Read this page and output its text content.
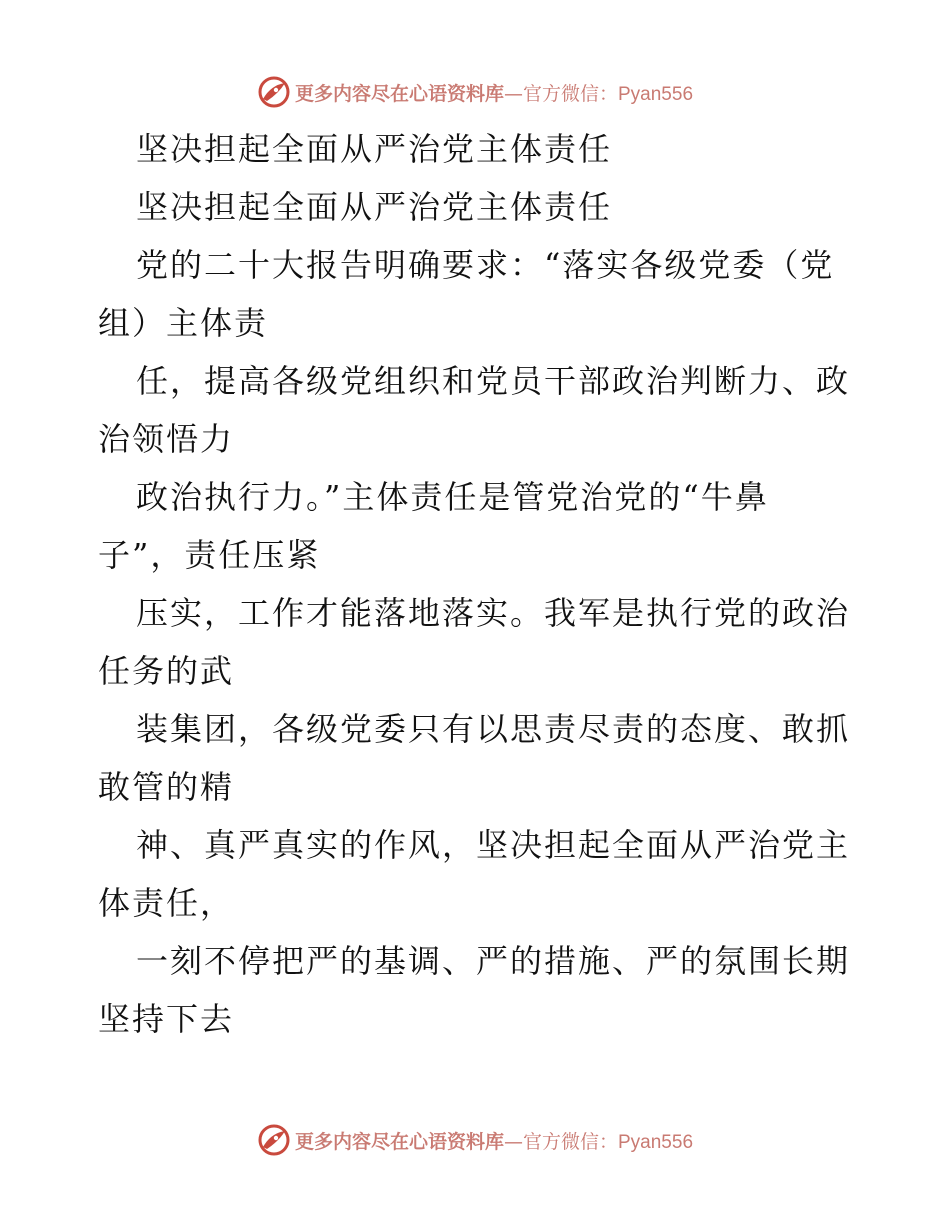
更多内容尽在心语资料库—官方微信：Pyan556
坚决担起全面从严治党主体责任
坚决担起全面从严治党主体责任
党的二十大报告明确要求：“落实各级党委（党
组）主体责
任，提高各级党组织和党员干部政治判断力、政
治领悟力
政治执行力。”主体责任是管党治党的“牛鼻
子”，责任压紧
压实，工作才能落地落实。我军是执行党的政治
任务的武
装集团，各级党委只有以思责尽责的态度、敢抓
敢管的精
神、真严真实的作风，坚决担起全面从严治党主
体责任，
一刻不停把严的基调、严的措施、严的氛围长期
坚持下去
更多内容尽在心语资料库—官方微信：Pyan556
